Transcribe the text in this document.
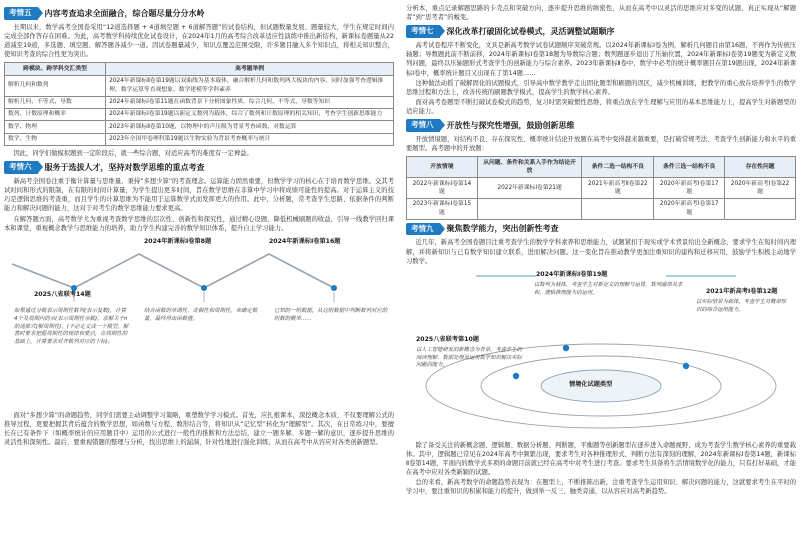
考情五	内容考查追求全面融合，综合题尽量分分水岭

长期以来，数学高考全国卷采用“12道选择题 + 4道填空题 + 6道解答题”的试卷结构，但试题数量发展、题量较大，学生在规定时间内完成全部作答存在困难。为此，高考数学科持续优化试卷设计，在2024年1月的高考综合改革适应性演练中推出新结构，新课标卷题量从22道减至19道，多选题、填空题、解答题各减少一道。因试卷题量减少，知识点覆盖范围受限，许多题目融入多个知识点，将相关知识整合，使知识考查的综合性更为突出。

跨模块、跨学科交汇类型	高考题举例
解析几何和数列	2024年新课标Ⅱ卷第19题以双曲线为基本载体，融合解析几何和数列两大板块的内容，同时加强考查逻辑推理、数学运算等直观想象、数学建模等学科素养
解析几何、不等式、导数	2024年新课标Ⅰ卷第11题在函数背景下分析图象性质，综合几何、不等式、导数等知识
数列、计数原理和概率	2024年新课标Ⅰ卷第19题以新定义数列为载体，综合了数列和计数原理的相关知识，考查学生创新思维能力
数学、物理	2023年新课标Ⅱ卷第10题，以物理中的声压级为背景考查函数、对数运算
数学、生物	2023年全国甲卷理科第19题以生物实验为背景考查概率与统计

因此，同学们做模拟题到一定阶段后，就一些综合题，对适应高考的难度有一定裨益。

考情六	服务于选拔人才，坚持对数学思维的重点考查

新高考全国卷注重于衡计算量与思维量，秉持“多想少算”的考查理念。运算能力固然重要，但数学学习的核心在于培育数学思维。交其考试时间和形式的限制，在有限的时间计算量，为学生提出更多时间，旨在数学思维在非算中学习中将成绩可能性的提高。对于运算主义的技巧是逻辑思维的考查重，而且学生的计算思维为不能用于运算数学式而发挥更大的作用。此中，分析题，常考查学生思路、依据条件的判断能力和解决问题的能力，这对于对考生的数学思维能力要求更高。

在解答题方面，高考数学尤为重视考查数学思维的层次性、创新性和探究性，通过精心设题，降低机械刷题的收益，引导一线教学回归课本和课堂，重视概念教学与思维能力的培养，助力学生构建完善的数学知识体系，提升自主学习能力。

2025八省联考14题
2024年新课标Ⅰ卷第8题	2024年新课标Ⅰ卷第16题
如果通过分数表示周期性数列(表示复数)，计算4个及周期内的余(表示周期性余数)，求解关于n的递推式(解周期性)，(不必定义成一个模型，解答时要求把握周期性的规律和要点，在周期性的基础上，计算要求对齐数列对应的下标)。
结合函数的单调性、奇偶性和周期性，来确定数量，最终得出函数值。
已知的一组数据，从这组数据中判断数列对应的组数的概率……

面对“多想少算”的命题趋势，同学们需要主动调整学习策略，重塑数学学习模式。首先，应扎根课本，深挖概念本质，不仅要理解公式的推导过程，更要把握其背后蕴含的数学思想，如函数与方程、数形结合等，将知识从“记忆型”转化为“理解型”。其次，在日常练习中，要擅长在已有条件下（如概率统计的应用题目中）运用的公式进行一般性的推断和方法总结，建立一题多解、多题一解的意识，逐步提升思维的灵活性和深刻性。最后，要重视错题的整理与分析，找出思维上的漏洞，针对性地进行强化训练，从而在高考中从容应对各类创新题型。

分析本，重点记录解题思路的卡壳点和突破方向，逐步提升思维的缜密性，从而在高考中以灵活的思维应对多变的试题，真正实现从“解题者”到“思考者”的蜕变。

考情七	深化改革打破固化试卷模式，灵活调整试题顺序

高考试卷程序不断变化，文具是新高考数学试卷试题顺序突破常规。以2024年新课标Ⅰ卷为例，解析几何题目由第16题，不再作为传统压轴题；导数题此前不断前移，2024年新课标Ⅰ卷第18题为导数综合题；数列题逐步退出了压轴位置，2024年新课标Ⅰ卷第19题变为新定义数列问题，最终以压轴题形式考查学生的创新能力与综合素养。2023年新课标Ⅱ卷中，数学中必考的统计概率题目在第19题出现，2024年新课标Ⅰ卷中，概率统计题目又出现在了第14题……

这种做法动摇了破解固化的试题模式，引导高中数学教学走出固化题型和刷题的误区，减少机械训练，把教学的重心放在培养学生的数学思维过程和方法上，改善传统的刷题教学模式，提高学生的数学核心素养。

面对高考卷题型不断打破试卷模式的趋势，复习时需突破惯性思维，将重点放在学生理解与应用的基本思维能力上，提高学生对新题型的适应能力。

考情八	开放性与探究性增强，鼓励创新思维

开放情境题，对结构不良、存在探究性、概率统计结论开放题在高考中变得越来越重要，是打破常规考法、考查学生创新能力和水平的重要题型。高考题中的开放题：

开放情境	从问题、条件和关系入手作为结论开放	条件二选一结构不良	条件三选一结构不良	存在性问题
2022年新课标Ⅰ卷第14题	2022年新课标Ⅰ卷第21题	2021年新高考Ⅱ卷第22题	2020年新高考Ⅰ卷第17题	2020年新高考Ⅰ卷第22题
2023年新课标Ⅰ卷第15题			2020年新高考Ⅰ卷第17题	
考情九	聚焦数学能力，突出创新性考查

近几年，新高考全国卷题目注重考查学生的数学学科素养和思维能力，试题紧扣于现实或学术背景给出全新概念，要求学生在短时间内理解，并将新知识与已有数学知识建立联系，进而解决问题。这一变化旨在推动教学更加注重知识的建构和迁移应用，鼓励学生积极主动地学习数学。

2024年新课标Ⅰ卷第19题
2025八省联考第10题
2021年新高考Ⅰ卷第12题
以数列为载体，考查学生对新定义的理解与运算，数列通项及求和，逻辑推理能力的运用。
以人工智能研发的新概念为背景，考查学生的阅读理解、数据处理及运用数学知识解决实际问题的能力。
以实际情景为载体，考查学生对概率知识的综合运用能力。
情境化试题类型

除了备受关注的新概念题、逻辑题、数据分析题、判断题，平衡题等创新题型在逐步进入命题视野，成为考查学生数学核心素养的重要载体。其中，逻辑题已常见在2024年高考中频繁出现，要求考生对各种推理形式、判断方法有深刻的理解，2024年新课标Ⅰ卷第14题，新课标Ⅱ卷第14题，平面内的数学式多项的命题目前就已经在高考中对考生进行考查。要求考生具备将生活情境数学化的能力，只有打好基础，才能在高考中应对各类新颖的试题。

总的来看，新高考数学的命题趋势表现为：在题型上，不断推陈出新，注重考查学生运用知识、解决问题的能力，这就要求考生在平时的学习中，要注重知识的积累和能力的提升，做到举一反三、触类旁通，以从容应对高考新趋势。
